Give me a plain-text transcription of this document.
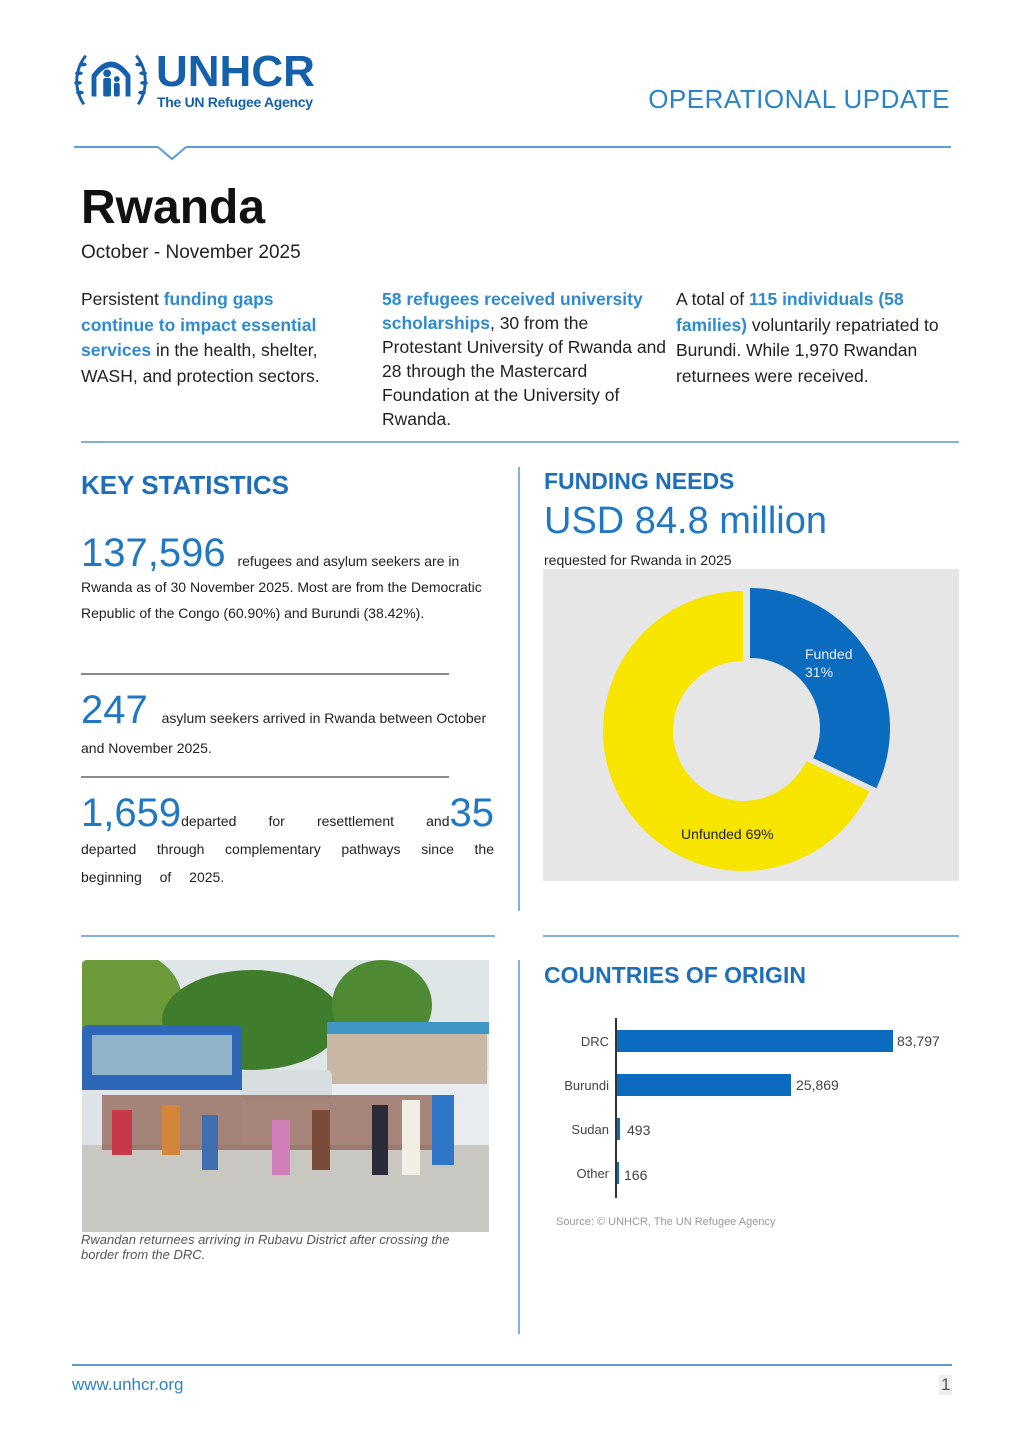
UNHCR
The UN Refugee Agency	OPERATIONAL UPDATE
Rwanda
October - November 2025
Persistent funding gaps continue to impact essential services in the health, shelter, WASH, and protection sectors.
58 refugees received university scholarships, 30 from the Protestant University of Rwanda and 28 through the Mastercard Foundation at the University of Rwanda.
A total of 115 individuals (58 families) voluntarily repatriated to Burundi. While 1,970 Rwandan returnees were received.
KEY STATISTICS
137,596 refugees and asylum seekers are in Rwanda as of 30 November 2025. Most are from the Democratic Republic of the Congo (60.90%) and Burundi (38.42%).
247 asylum seekers arrived in Rwanda between October and November 2025.
1,659departed for resettlement and 35
departed through complementary pathways since the beginning of 2025.
FUNDING NEEDS
USD 84.8 million
requested for Rwanda in 2025
Funded
31%
Unfunded 69%
Rwandan returnees arriving in Rubavu District after crossing the border from the DRC.
COUNTRIES OF ORIGIN
DRC	83,797
Burundi	25,869
Sudan 493
Other 166
Source: © UNHCR, The UN Refugee Agency
www.unhcr.org	1
